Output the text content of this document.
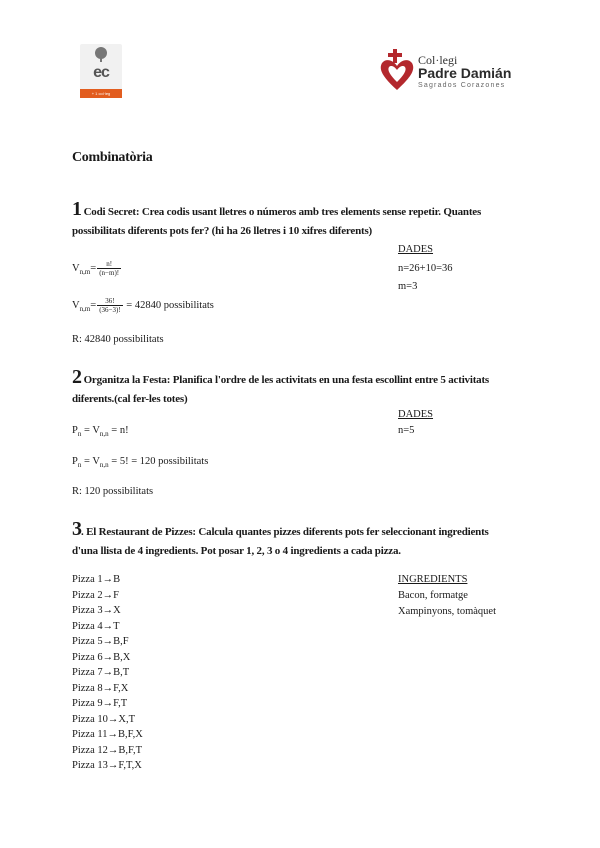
ec
+ 1 col·leg
Col·legi
Padre Damián
Sagrados Corazones
Combinatòria
1 Codi Secret: Crea codis usant lletres o números amb tres elements sense repetir. Quantes possibilitats diferents pots fer? (hi ha 26 lletres i 10 xifres diferents)
DADES
n=26+10=36
m=3
$V_{n,m}= \frac{n!}{(n-m)!}$
$V_{n,m}= \frac{36!}{(36-3)!} = 42840$ possibilitats
R: 42840 possibilitats
2 Organitza la Festa: Planifica l'ordre de les activitats en una festa escollint entre 5 activitats diferents.(cal fer-les totes)
DADES
n=5
$P_n = V_{n,n} = n$!
$P_n = V_{n,n} = 5$! = 120 possibilitats
R: 120 possibilitats
3. El Restaurant de Pizzes: Calcula quantes pizzes diferents pots fer seleccionant ingredients d'una llista de 4 ingredients. Pot posar 1, 2, 3 o 4 ingredients a cada pizza.
INGREDIENTS
Bacon, formatge
Xampinyons, tomàquet
Pizza 1→B
Pizza 2→F
Pizza 3→X
Pizza 4→T
Pizza 5→B,F
Pizza 6→B,X
Pizza 7→B,T
Pizza 8→F,X
Pizza 9→F,T
Pizza 10→X,T
Pizza 11→B,F,X
Pizza 12→B,F,T
Pizza 13→F,T,X
